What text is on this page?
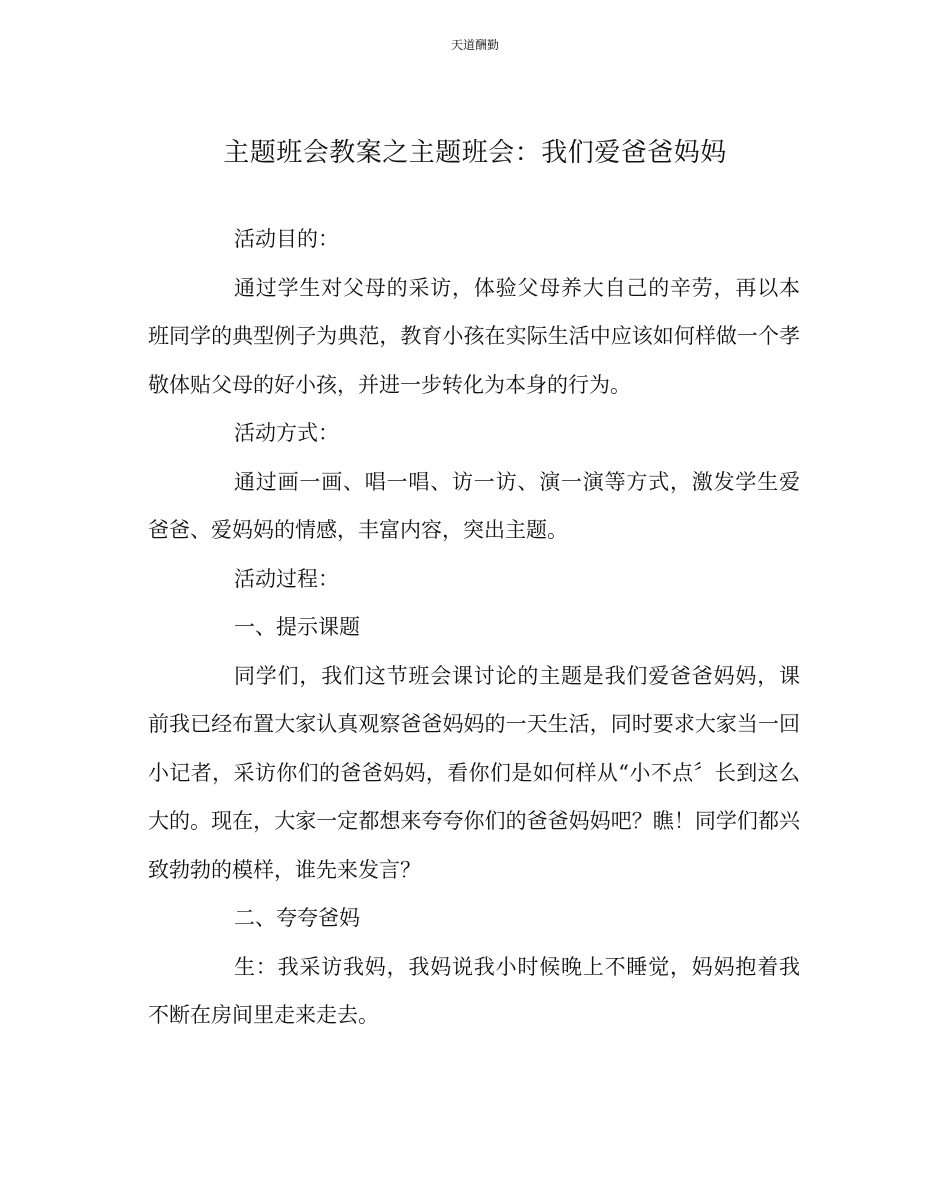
天道酬勤
主题班会教案之主题班会：我们爱爸爸妈妈

活动目的：

通过学生对父母的采访，体验父母养大自己的辛劳，再以本班同学的典型例子为典范，教育小孩在实际生活中应该如何样做一个孝敬体贴父母的好小孩，并进一步转化为本身的行为。

活动方式：

通过画一画、唱一唱、访一访、演一演等方式，激发学生爱爸爸、爱妈妈的情感，丰富内容，突出主题。

活动过程：

一、提示课题

同学们，我们这节班会课讨论的主题是我们爱爸爸妈妈，课前我已经布置大家认真观察爸爸妈妈的一天生活，同时要求大家当一回小记者，采访你们的爸爸妈妈，看你们是如何样从“小不点〞长到这么大的。现在，大家一定都想来夸夸你们的爸爸妈妈吧？瞧！同学们都兴致勃勃的模样，谁先来发言？

二、夸夸爸妈

生：我采访我妈，我妈说我小时候晚上不睡觉，妈妈抱着我不断在房间里走来走去。
